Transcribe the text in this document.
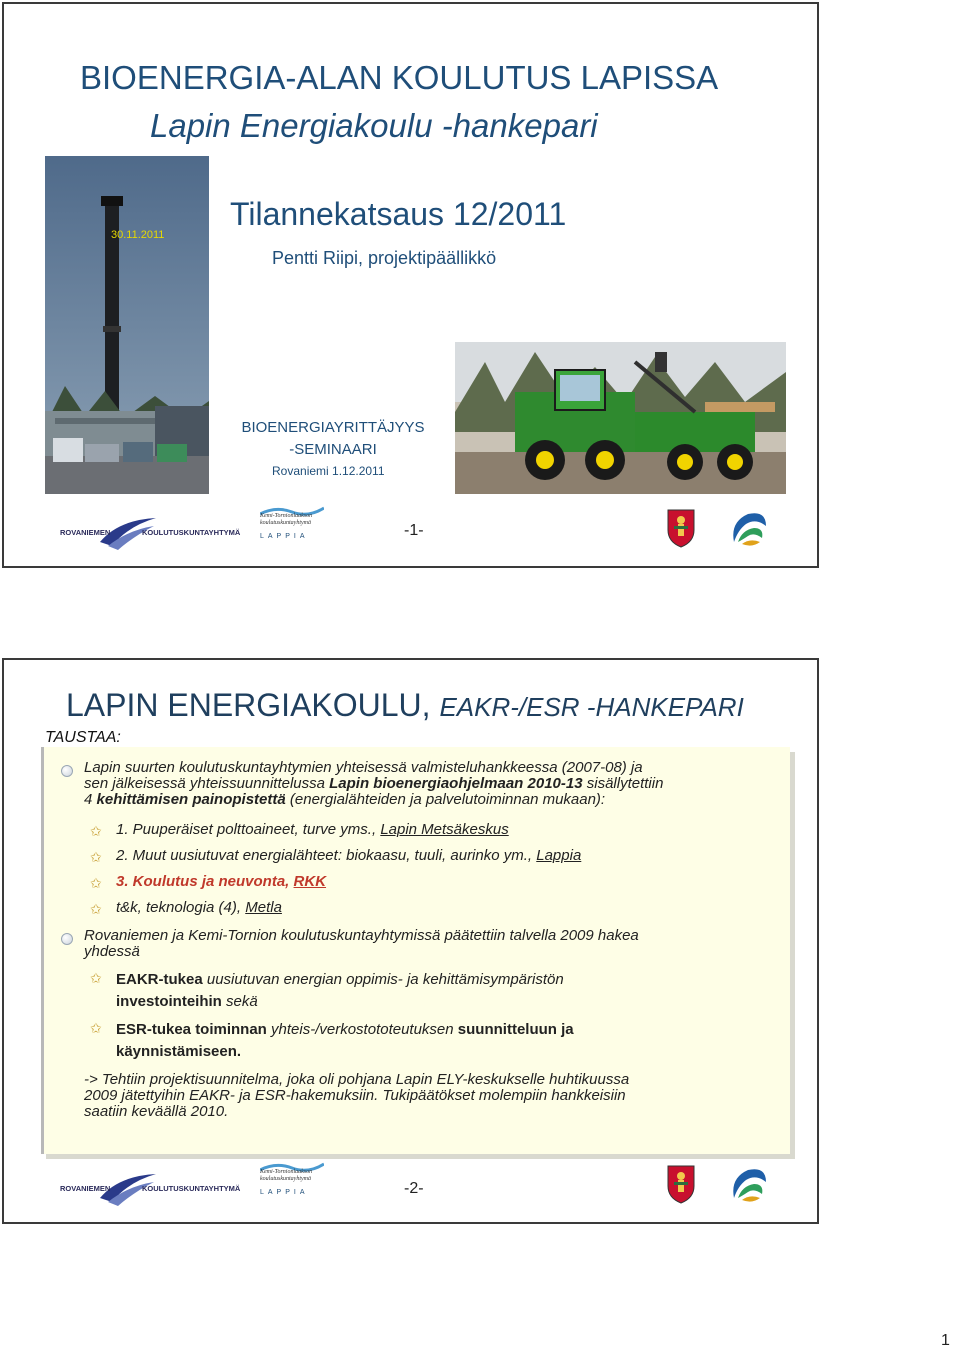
BIOENERGIA-ALAN KOULUTUS LAPISSA
Lapin Energiakoulu -hankepari
30.11.2011
Tilannekatsaus 12/2011
Pentti Riipi, projektipäällikkö
BIOENERGIAYRITTÄJYYS
-SEMINAARI
Rovaniemi 1.12.2011
ROVANIEMEN	KOULUTUSKUNTAYHTYMÄ
Kemi-Tornionlaakson
koulutuskuntayhtymä
LAPPIA	-1-
LAPIN ENERGIAKOULU, EAKR-/ESR -HANKEPARI
TAUSTAA:
Lapin suurten koulutuskuntayhtymien yhteisessä valmisteluhankkeessa (2007-08) ja
sen jälkeisessä yhteissuunnittelussa Lapin bioenergiaohjelmaan 2010-13 sisällytettiin
4 kehittämisen painopistettä (energialähteiden ja palvelutoiminnan mukaan):
✩ 1. Puuperäiset polttoaineet, turve yms., Lapin Metsäkeskus
✩ 2. Muut uusiutuvat energialähteet: biokaasu, tuuli, aurinko ym., Lappia
✩ 3. Koulutus ja neuvonta, RKK
✩ t&k, teknologia (4), Metla
Rovaniemen ja Kemi-Tornion koulutuskuntayhtymissä päätettiin talvella 2009 hakea
yhdessä
✩ EAKR-tukea uusiutuvan energian oppimis- ja kehittämisympäristön
investointeihin sekä
✩ ESR-tukea toiminnan yhteis-/verkostototeutuksen suunnitteluun ja
käynnistämiseen.
-> Tehtiin projektisuunnitelma, joka oli pohjana Lapin ELY-keskukselle huhtikuussa
2009 jätettyihin EAKR- ja ESR-hakemuksiin. Tukipäätökset molempiin hankkeisiin
saatiin keväällä 2010.
ROVANIEMEN	KOULUTUSKUNTAYHTYMÄ
Kemi-Tornionlaakson
koulutuskuntayhtymä
LAPPIA	-2-
1
